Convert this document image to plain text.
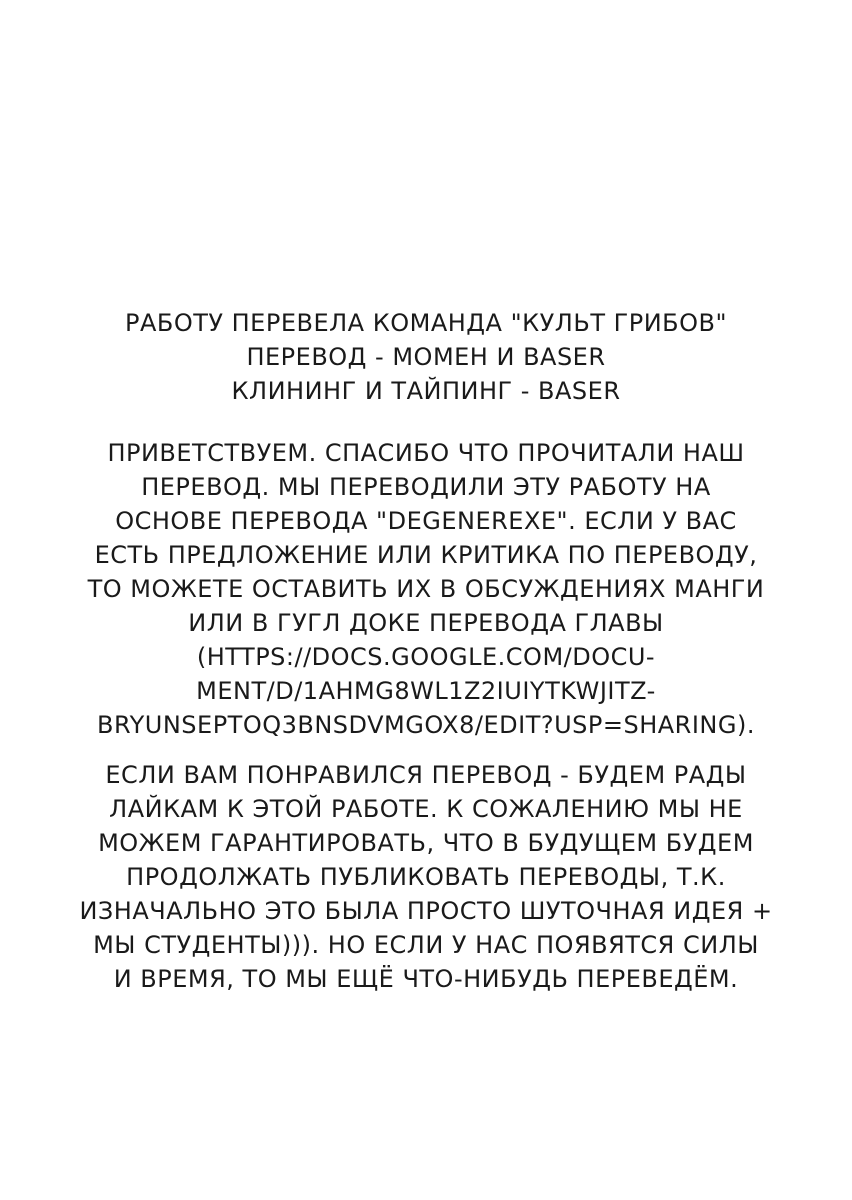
РАБОТУ ПЕРЕВЕЛА КОМАНДА "КУЛЬТ ГРИБОВ"
ПЕРЕВОД - МОМЕН И BASER
КЛИНИНГ И ТАЙПИНГ - BASER
ПРИВЕТСТВУЕМ. СПАСИБО ЧТО ПРОЧИТАЛИ НАШ
ПЕРЕВОД. МЫ ПЕРЕВОДИЛИ ЭТУ РАБОТУ НА
ОСНОВЕ ПЕРЕВОДА "DEGENEREXE". ЕСЛИ У ВАС
ЕСТЬ ПРЕДЛОЖЕНИЕ ИЛИ КРИТИКА ПО ПЕРЕВОДУ,
ТО МОЖЕТЕ ОСТАВИТЬ ИХ В ОБСУЖДЕНИЯХ МАНГИ
ИЛИ В ГУГЛ ДОКЕ ПЕРЕВОДА ГЛАВЫ
(HTTPS://DOCS.GOOGLE.COM/DOCU-
MENT/D/1AHMG8WL1Z2IUIYTKWJITZ-
BRYUNSEPTOQ3BNSDVMGOX8/EDIT?USP=SHARING).
ЕСЛИ ВАМ ПОНРАВИЛСЯ ПЕРЕВОД - БУДЕМ РАДЫ
ЛАЙКАМ К ЭТОЙ РАБОТЕ. К СОЖАЛЕНИЮ МЫ НЕ
МОЖЕМ ГАРАНТИРОВАТЬ, ЧТО В БУДУЩЕМ БУДЕМ
ПРОДОЛЖАТЬ ПУБЛИКОВАТЬ ПЕРЕВОДЫ, Т.К.
ИЗНАЧАЛЬНО ЭТО БЫЛА ПРОСТО ШУТОЧНАЯ ИДЕЯ +
МЫ СТУДЕНТЫ))). НО ЕСЛИ У НАС ПОЯВЯТСЯ СИЛЫ
И ВРЕМЯ, ТО МЫ ЕЩЁ ЧТО-НИБУДЬ ПЕРЕВЕДЁМ.
